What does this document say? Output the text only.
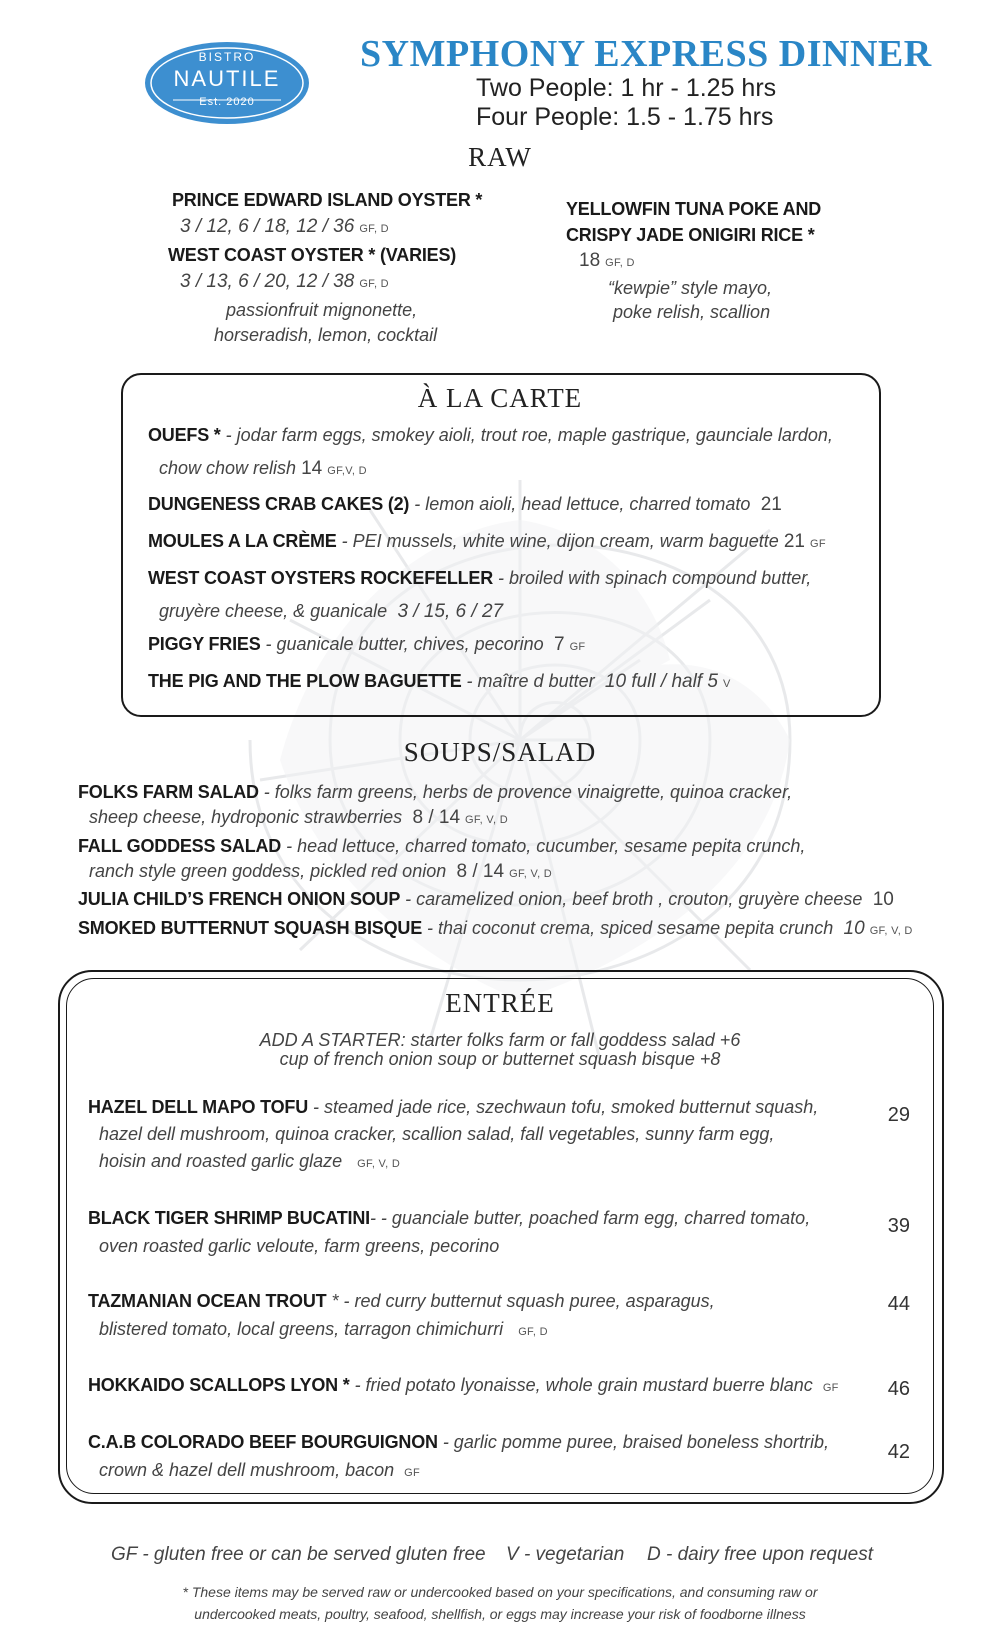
BISTRO
NAUTILE
Est. 2020
SYMPHONY EXPRESS DINNER
Two People: 1 hr - 1.25 hrs
Four People: 1.5 - 1.75 hrs
RAW
PRINCE EDWARD ISLAND OYSTER *
3 / 12, 6 / 18, 12 / 36 GF, D
WEST COAST OYSTER * (VARIES)
3 / 13, 6 / 20, 12 / 38 GF, D
passionfruit mignonette,
horseradish, lemon, cocktail
YELLOWFIN TUNA POKE AND
CRISPY JADE ONIGIRI RICE *
18 GF, D
“kewpie” style mayo,
poke relish, scallion
À LA CARTE
OUEFS * - jodar farm eggs, smokey aioli, trout roe, maple gastrique, gaunciale lardon,
chow chow relish 14 GF,V, D
DUNGENESS CRAB CAKES (2) - lemon aioli, head lettuce, charred tomato 21
MOULES A LA CRÈME - PEI mussels, white wine, dijon cream, warm baguette 21 GF
WEST COAST OYSTERS ROCKEFELLER - broiled with spinach compound butter,
gruyère cheese, & guanicale 3 / 15, 6 / 27
PIGGY FRIES - guanicale butter, chives, pecorino 7 GF
THE PIG AND THE PLOW BAGUETTE - maître d butter 10 full / half 5 V
SOUPS/SALAD
FOLKS FARM SALAD - folks farm greens, herbs de provence vinaigrette, quinoa cracker,
sheep cheese, hydroponic strawberries 8 / 14 GF, V, D
FALL GODDESS SALAD - head lettuce, charred tomato, cucumber, sesame pepita crunch,
ranch style green goddess, pickled red onion 8 / 14 GF, V, D
JULIA CHILD’S FRENCH ONION SOUP - caramelized onion, beef broth , crouton, gruyère cheese 10
SMOKED BUTTERNUT SQUASH BISQUE - thai coconut crema, spiced sesame pepita crunch 10 GF, V, D
ENTRÉE
ADD A STARTER: starter folks farm or fall goddess salad +6
cup of french onion soup or butternet squash bisque +8
HAZEL DELL MAPO TOFU - steamed jade rice, szechwaun tofu, smoked butternut squash,
hazel dell mushroom, quinoa cracker, scallion salad, fall vegetables, sunny farm egg,
hoisin and roasted garlic glaze GF, V, D
29
BLACK TIGER SHRIMP BUCATINI- - guanciale butter, poached farm egg, charred tomato,
oven roasted garlic veloute, farm greens, pecorino
39
TAZMANIAN OCEAN TROUT * - red curry butternut squash puree, asparagus,
blistered tomato, local greens, tarragon chimichurri GF, D
44
HOKKAIDO SCALLOPS LYON * - fried potato lyonaisse, whole grain mustard buerre blanc GF	46
C.A.B COLORADO BEEF BOURGUIGNON - garlic pomme puree, braised boneless shortrib,
crown & hazel dell mushroom, bacon GF
42
GF - gluten free or can be served gluten free V - vegetarian D - dairy free upon request
* These items may be served raw or undercooked based on your specifications, and consuming raw or
undercooked meats, poultry, seafood, shellfish, or eggs may increase your risk of foodborne illness
